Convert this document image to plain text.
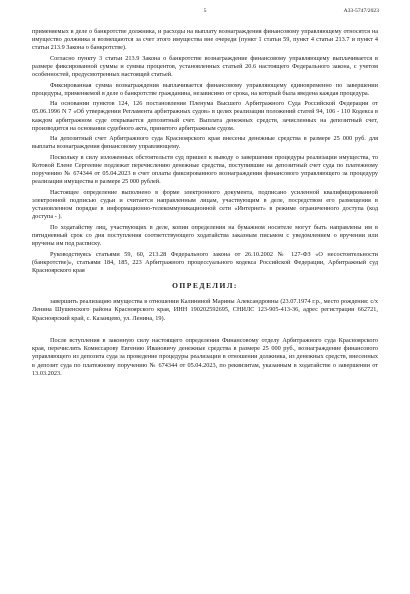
5	А33-5747/2023

применяемых в деле о банкротстве должника, и расходы на выплату вознаграждения финансовому управляющему относятся на имущество должника и возмещаются за счет этого имущества вне очереди (пункт 1 статьи 59, пункт 4 статьи 213.7 и пункт 4 статьи 213.9 Закона о банкротстве).

Согласно пункту 3 статьи 213.9 Закона о банкротстве вознаграждение финансовому управляющему выплачивается в размере фиксированной суммы и суммы процентов, установленных статьей 20.6 настоящего Федерального закона, с учетом особенностей, предусмотренных настоящей статьей.

Фиксированная сумма вознаграждения выплачивается финансовому управляющему единовременно по завершении процедуры, применяемой в деле о банкротстве гражданина, независимо от срока, на который была введена каждая процедура.

На основании пунктов 124, 126 постановления Пленума Высшего Арбитражного Суда Российской Федерации от 05.06.1996 N 7 «Об утверждении Регламента арбитражных судов» в целях реализации положений статей 94, 106 - 110 Кодекса в каждом арбитражном суде открывается депозитный счет. Выплата денежных средств, зачисленных на депозитный счет, производится на основании судебного акта, принятого арбитражным судом.

На депозитный счет Арбитражного суда Красноярского края внесены денежные средства в размере 25 000 руб. для выплаты вознаграждения финансовому управляющему.

Поскольку в силу изложенных обстоятельств суд пришел к выводу о завершении процедуры реализации имущества, то Котовой Елене Сергеевне подлежат перечислению денежные средства, поступившие на депозитный счет суда по платежному поручению № 674344 от 05.04.2023 в счет оплаты фиксированного вознаграждения финансового управляющего за процедуру реализации имущества в размере 25 000 рублей.

Настоящее определение выполнено в форме электронного документа, подписано усиленной квалифицированной электронной подписью судьи и считается направленным лицам, участвующим в деле, посредством его размещения в установленном порядке в информационно-телекоммуникационной сети «Интернет» в режиме ограниченного доступа (код доступа - ).

По ходатайству лиц, участвующих в деле, копии определения на бумажном носителе могут быть направлены им в пятидневный срок со дня поступления соответствующего ходатайства заказным письмом с уведомлением о вручении или вручены им под расписку.

Руководствуясь статьями 59, 60, 213.28 Федерального закона от 26.10.2002 № 127-ФЗ «О несостоятельности (банкротстве)», статьями 184, 185, 223 Арбитражного процессуального кодекса Российской Федерации, Арбитражный суд Красноярского края

ОПРЕДЕЛИЛ:

завершить реализацию имущества в отношении Калининой Марины Александровны (23.07.1974 г.р., место рождения: с/х Ленина Шушенского района Красноярского края, ИНН 190202592695, СНИЛС 123-905-413-36, адрес регистрации 662721, Красноярский край, с. Казанцево, ул. Ленина, 19).

После вступления в законную силу настоящего определения Финансовому отделу Арбитражного суда Красноярского края, перечислить Комиссарову Евгению Ивановичу денежные средства в размере 25 000 руб., вознаграждение финансового управляющего из депозита суда за проведение процедуры реализации в отношении должника, из денежных средств, внесенных в депозит суда по платежному поручению № 674344 от 05.04.2023, по реквизитам, указанным в ходатайстве о завершении от 13.03.2023.
